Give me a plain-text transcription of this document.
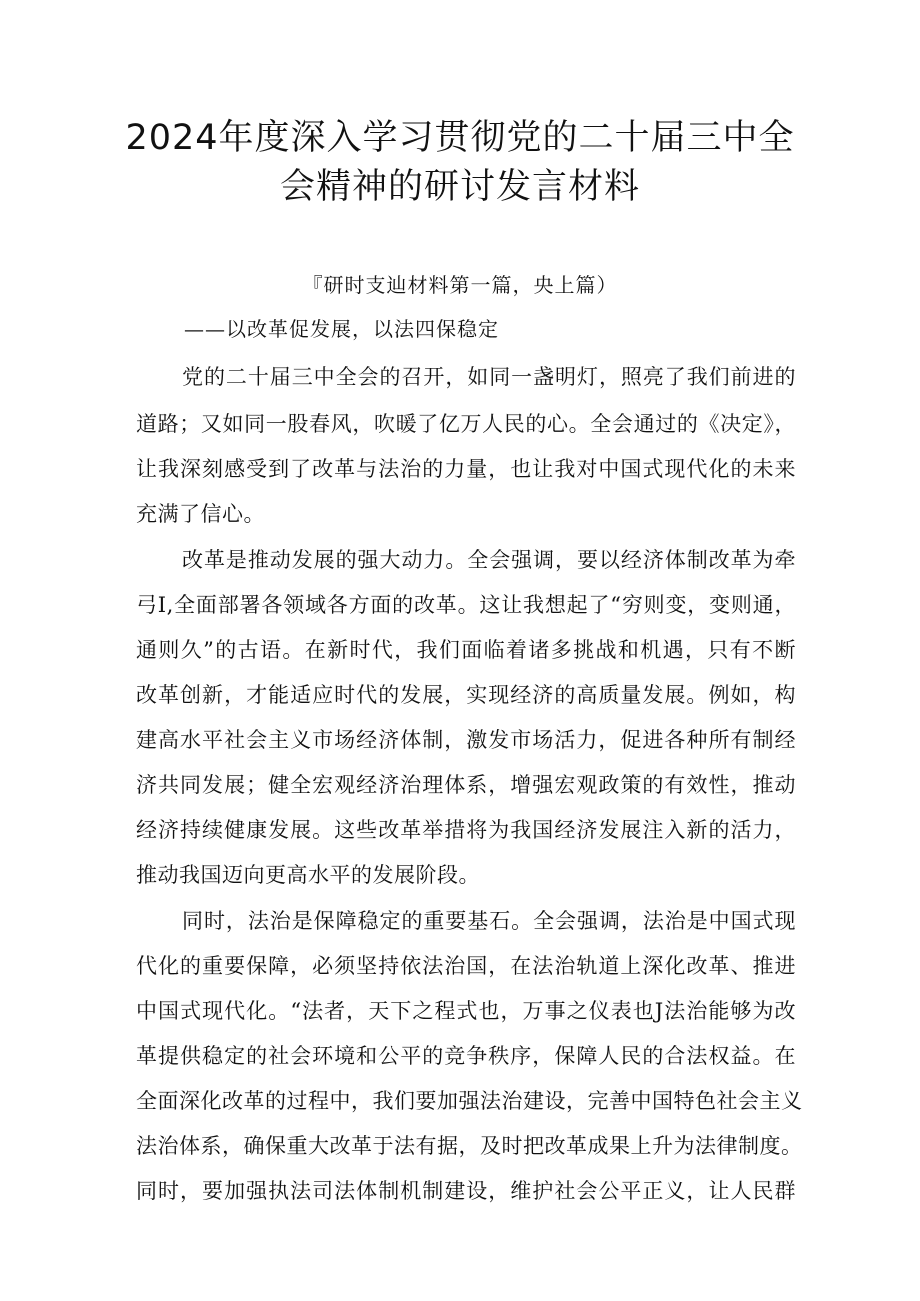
2024年度深入学习贯彻党的二十届三中全
会精神的研讨发言材料
『研时支辿材料第一篇，央上篇）
——以改革促发展，以法四保稳定
党的二十届三中全会的召开，如同一盏明灯，照亮了我们前进的
道路；又如同一股春风，吹暖了亿万人民的心。全会通过的《决定》，
让我深刻感受到了改革与法治的力量，也让我对中国式现代化的未来
充满了信心。
改革是推动发展的强大动力。全会强调，要以经济体制改革为牵
弓I,全面部署各领域各方面的改革。这让我想起了“穷则变，变则通，
通则久”的古语。在新时代，我们面临着诸多挑战和机遇，只有不断
改革创新，才能适应时代的发展，实现经济的高质量发展。例如，构
建高水平社会主义市场经济体制，激发市场活力，促进各种所有制经
济共同发展；健全宏观经济治理体系，增强宏观政策的有效性，推动
经济持续健康发展。这些改革举措将为我国经济发展注入新的活力，
推动我国迈向更高水平的发展阶段。
同时，法治是保障稳定的重要基石。全会强调，法治是中国式现
代化的重要保障，必须坚持依法治国，在法治轨道上深化改革、推进
中国式现代化。“法者，天下之程式也，万事之仪表也J法治能够为改
革提供稳定的社会环境和公平的竞争秩序，保障人民的合法权益。在
全面深化改革的过程中，我们要加强法治建设，完善中国特色社会主义
法治体系，确保重大改革于法有据，及时把改革成果上升为法律制度。
同时，要加强执法司法体制机制建设，维护社会公平正义，让人民群
